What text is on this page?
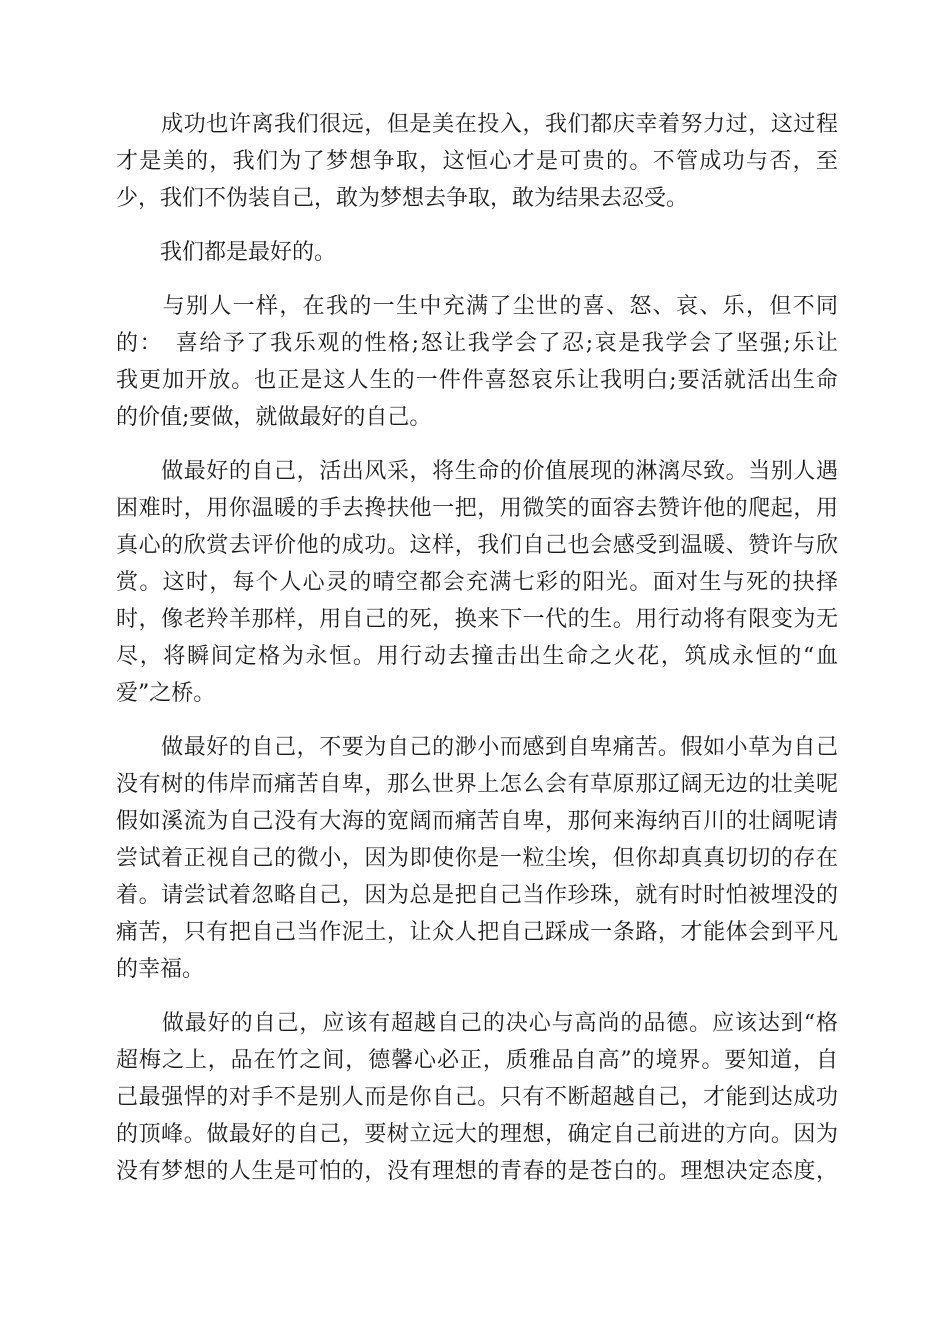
　　成功也许离我们很远，但是美在投入，我们都庆幸着努力过，这过程
才是美的，我们为了梦想争取，这恒心才是可贵的。不管成功与否，至
少，我们不伪装自己，敢为梦想去争取，敢为结果去忍受。
　　我们都是最好的。
　　与别人一样，在我的一生中充满了尘世的喜、怒、哀、乐，但不同
的：　喜给予了我乐观的性格;怒让我学会了忍;哀是我学会了坚强;乐让
我更加开放。也正是这人生的一件件喜怒哀乐让我明白;要活就活出生命
的价值;要做，就做最好的自己。
　　做最好的自己，活出风采，将生命的价值展现的淋漓尽致。当别人遇
困难时，用你温暖的手去搀扶他一把，用微笑的面容去赞许他的爬起，用
真心的欣赏去评价他的成功。这样，我们自己也会感受到温暖、赞许与欣
赏。这时，每个人心灵的晴空都会充满七彩的阳光。面对生与死的抉择
时，像老羚羊那样，用自己的死，换来下一代的生。用行动将有限变为无
尽，将瞬间定格为永恒。用行动去撞击出生命之火花，筑成永恒的“血
爱”之桥。
　　做最好的自己，不要为自己的渺小而感到自卑痛苦。假如小草为自己
没有树的伟岸而痛苦自卑，那么世界上怎么会有草原那辽阔无边的壮美呢
假如溪流为自己没有大海的宽阔而痛苦自卑，那何来海纳百川的壮阔呢请
尝试着正视自己的微小，因为即使你是一粒尘埃，但你却真真切切的存在
着。请尝试着忽略自己，因为总是把自己当作珍珠，就有时时怕被埋没的
痛苦，只有把自己当作泥土，让众人把自己踩成一条路，才能体会到平凡
的幸福。
　　做最好的自己，应该有超越自己的决心与高尚的品德。应该达到“格
超梅之上，品在竹之间，德馨心必正，质雅品自高”的境界。要知道，自
己最强悍的对手不是别人而是你自己。只有不断超越自己，才能到达成功
的顶峰。做最好的自己，要树立远大的理想，确定自己前进的方向。因为
没有梦想的人生是可怕的，没有理想的青春的是苍白的。理想决定态度，
